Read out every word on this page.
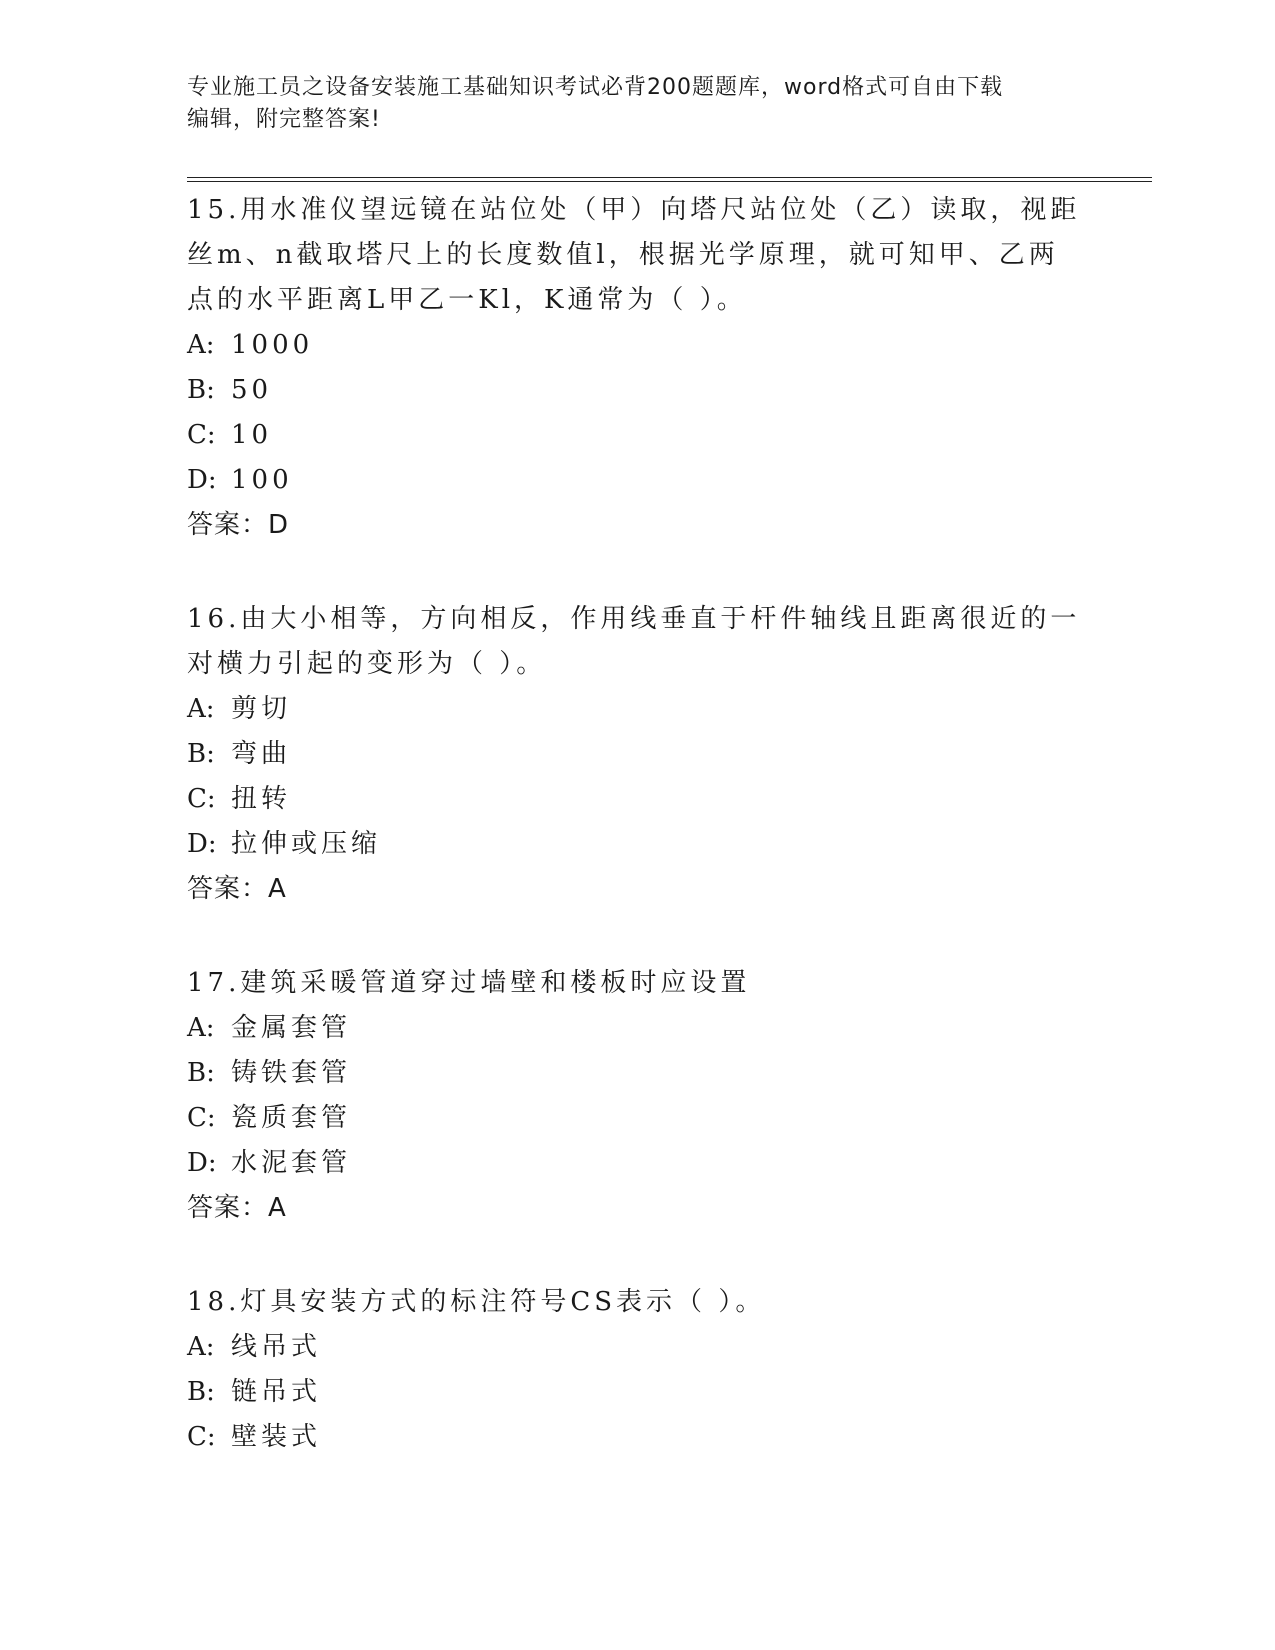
专业施工员之设备安装施工基础知识考试必背200题题库，word格式可自由下载
编辑，附完整答案!
15.用水准仪望远镜在站位处（甲）向塔尺站位处（乙）读取，视距丝m、n截取塔尺上的长度数值l，根据光学原理，就可知甲、乙两点的水平距离L甲乙一Kl，K通常为（ ）。
A: 1000
B: 50
C: 10
D: 100
答案：D
16.由大小相等，方向相反，作用线垂直于杆件轴线且距离很近的一对横力引起的变形为（ ）。
A: 剪切
B: 弯曲
C: 扭转
D: 拉伸或压缩
答案：A
17.建筑采暖管道穿过墙壁和楼板时应设置
A: 金属套管
B: 铸铁套管
C: 瓷质套管
D: 水泥套管
答案：A
18.灯具安装方式的标注符号CS表示（ ）。
A: 线吊式
B: 链吊式
C: 壁装式
